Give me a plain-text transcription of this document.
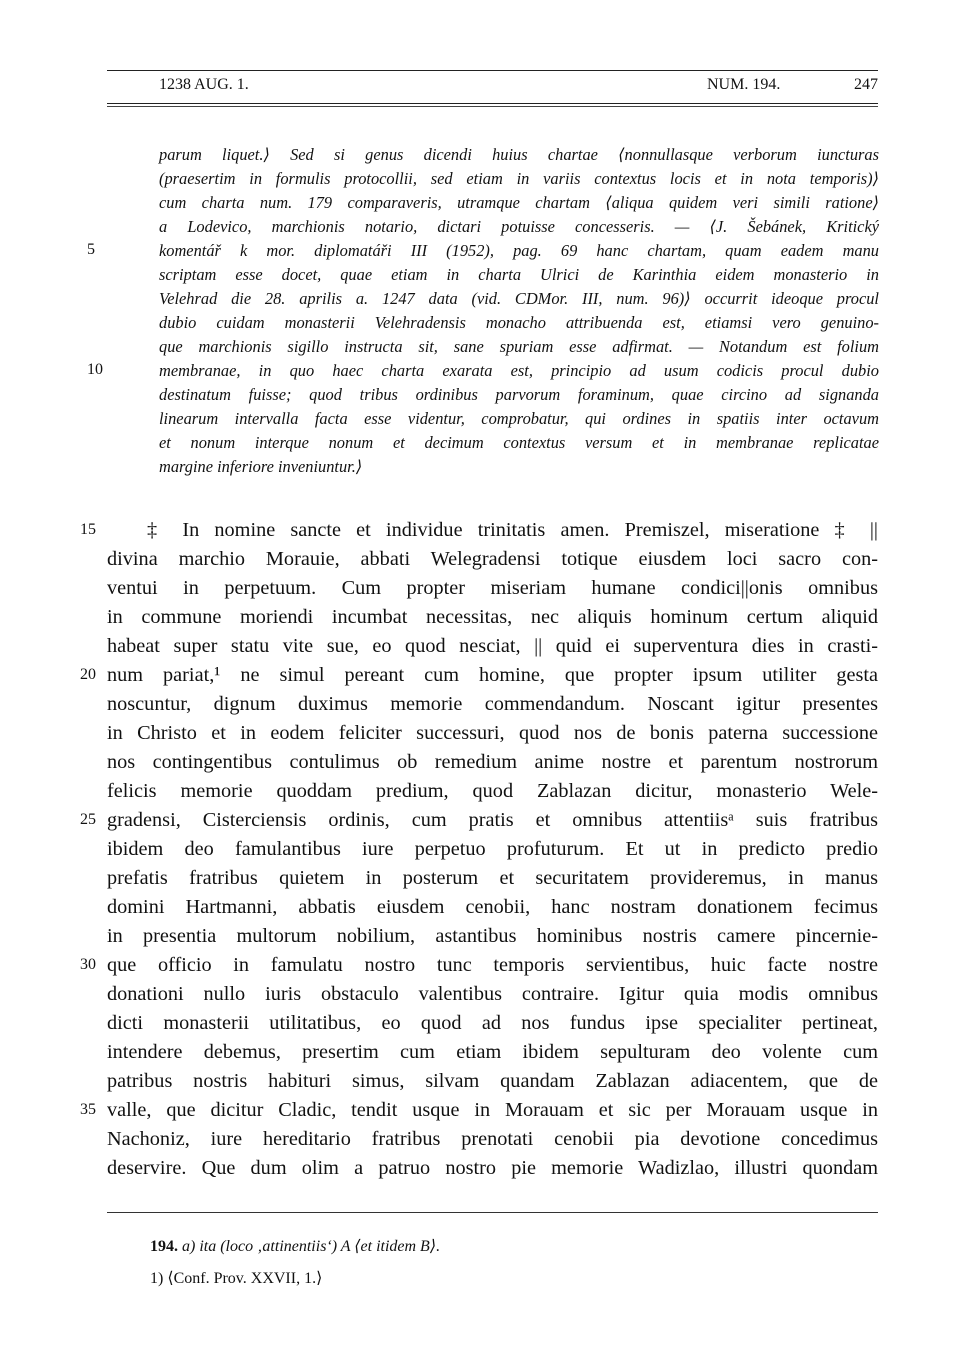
1238 AUG. 1.	NUM. 194.	247
5
10
15
20
25
30
35
parum liquet.⟩ Sed si genus dicendi huius chartae ⟨nonnullasque verborum iuncturas
(praesertim in formulis protocollii, sed etiam in variis contextus locis et in nota temporis)⟩
cum charta num. 179 comparaveris, utramque chartam ⟨aliqua quidem veri simili ratione⟩
a Lodevico, marchionis notario, dictari potuisse concesseris. — ⟨J. Šebánek, Kritický
komentář k mor. diplomatáři III (1952), pag. 69 hanc chartam, quam eadem manu
scriptam esse docet, quae etiam in charta Ulrici de Karinthia eidem monasterio in
Velehrad die 28. aprilis a. 1247 data (vid. CDMor. III, num. 96)⟩ occurrit ideoque procul
dubio cuidam monasterii Velehradensis monacho attribuenda est, etiamsi vero genuino-
que marchionis sigillo instructa sit, sane spuriam esse adfirmat. — Notandum est folium
membranae, in quo haec charta exarata est, principio ad usum codicis procul dubio
destinatum fuisse; quod tribus ordinibus parvorum foraminum, quae circino ad signanda
linearum intervalla facta esse videntur, comprobatur, qui ordines in spatiis inter octavum
et nonum interque nonum et decimum contextus versum et in membranae replicatae
margine inferiore inveniuntur.⟩
‡ In nomine sancte et individue trinitatis amen. Premiszel, miseratione ‡ ||
divina marchio Morauie, abbati Welegradensi totique eiusdem loci sacro con-
ventui in perpetuum. Cum propter miseriam humane condici||onis omnibus
in commune moriendi incumbat necessitas, nec aliquis hominum certum aliquid
habeat super statu vite sue, eo quod nesciat, || quid ei superventura dies in crasti-
num pariat,¹ ne simul pereant cum homine, que propter ipsum utiliter gesta
noscuntur, dignum duximus memorie commendandum. Noscant igitur presentes
in Christo et in eodem feliciter successuri, quod nos de bonis paterna successione
nos contingentibus contulimus ob remedium anime nostre et parentum nostrorum
felicis memorie quoddam predium, quod Zablazan dicitur, monasterio Wele-
gradensi, Cisterciensis ordinis, cum pratis et omnibus attentiisᵃ suis fratribus
ibidem deo famulantibus iure perpetuo profuturum. Et ut in predicto predio
prefatis fratribus quietem in posterum et securitatem provideremus, in manus
domini Hartmanni, abbatis eiusdem cenobii, hanc nostram donationem fecimus
in presentia multorum nobilium, astantibus hominibus nostris camere pincernie-
que officio in famulatu nostro tunc temporis servientibus, huic facte nostre
donationi nullo iuris obstaculo valentibus contraire. Igitur quia modis omnibus
dicti monasterii utilitatibus, eo quod ad nos fundus ipse specialiter pertineat,
intendere debemus, presertim cum etiam ibidem sepulturam deo volente cum
patribus nostris habituri simus, silvam quandam Zablazan adiacentem, que de
valle, que dicitur Cladic, tendit usque in Morauam et sic per Morauam usque in
Nachoniz, iure hereditario fratribus prenotati cenobii pia devotione concedimus
deservire. Que dum olim a patruo nostro pie memorie Wadizlao, illustri quondam
194. a) ita (loco ‚attinentiis‘) A ⟨et itidem B⟩.
1) ⟨Conf. Prov. XXVII, 1.⟩
